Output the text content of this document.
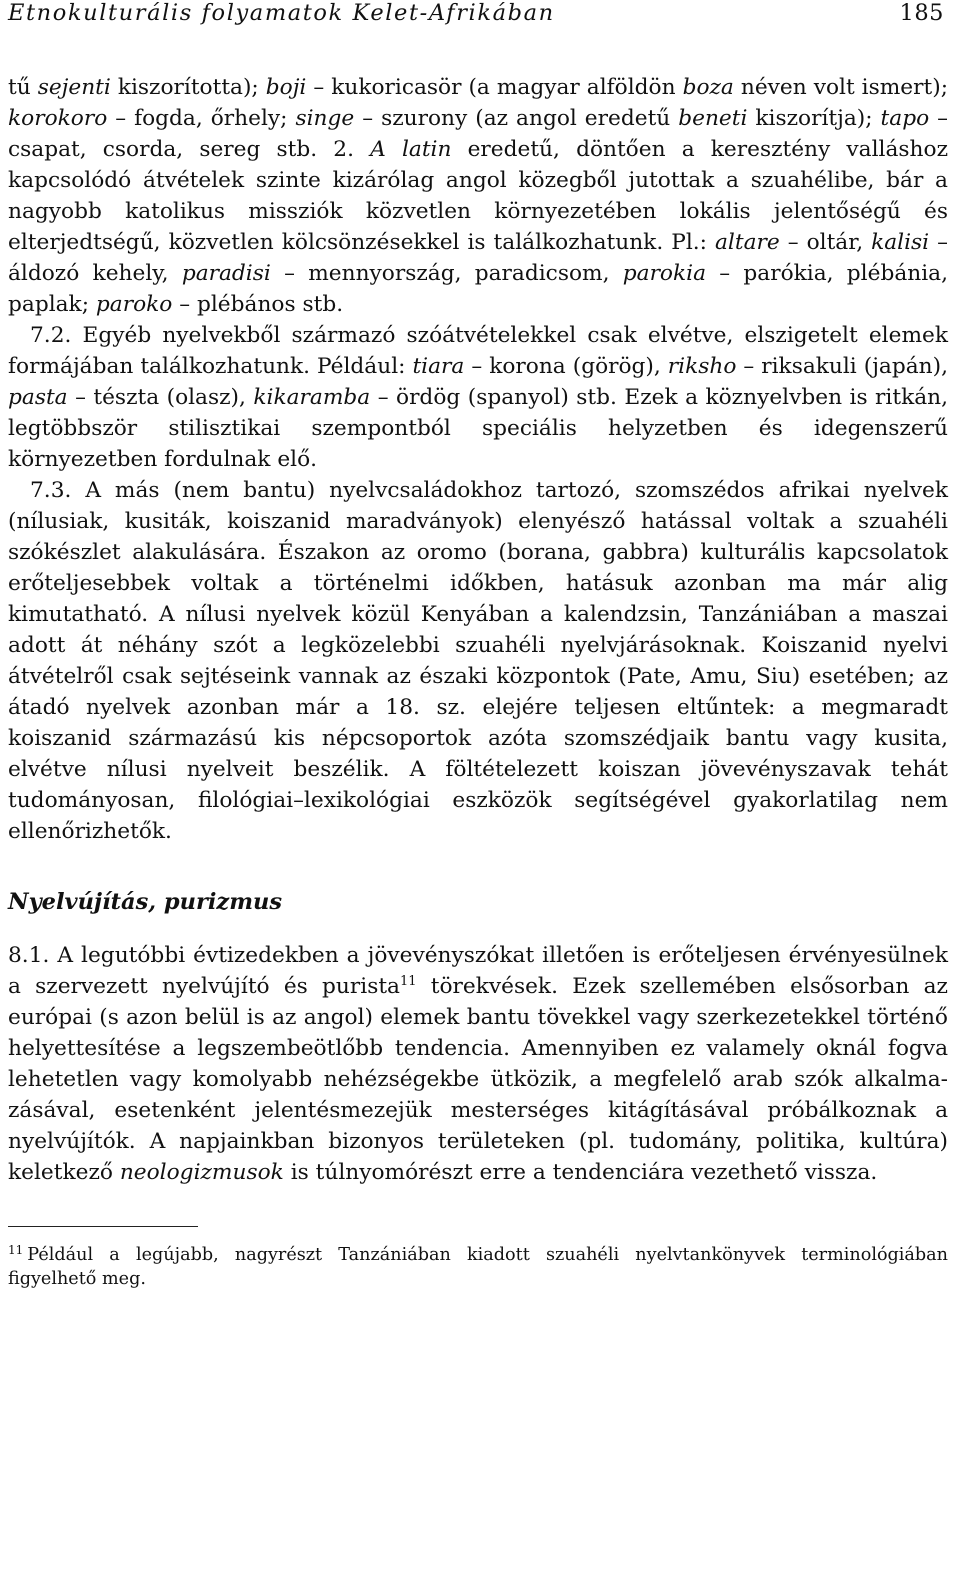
Etnokulturális folyamatok Kelet-Afrikában	185

tű sejenti kiszorította); boji – kukoricasör (a magyar alföldön boza néven volt ismert); korokoro – fogda, őrhely; singe – szurony (az angol eredetű beneti kiszorítja); tapo – csapat, csorda, sereg stb. 2. A latin eredetű, döntően a keresztény valláshoz kapcsolódó átvételek szinte kizárólag angol közegből jutottak a szuahélibe, bár a nagyobb katolikus missziók közvetlen környezetében lokális jelentőségű és elterjedtségű, közvetlen kölcsönzésekkel is találkozhatunk. Pl.: altare – oltár, kalisi – áldozó kehely, paradisi – mennyország, paradicsom, parokia – parókia, plébánia, paplak; paroko – plébános stb.

7.2. Egyéb nyelvekből származó szóátvételekkel csak elvétve, elszigetelt elemek formájában találkozhatunk. Például: tiara – korona (görög), riksho – riksakuli (japán), pasta – tészta (olasz), kikaramba – ördög (spanyol) stb. Ezek a köznyelvben is ritkán, legtöbbször stilisztikai szempontból speciális helyzetben és idegenszerű környezetben fordulnak elő.

7.3. A más (nem bantu) nyelvcsaládokhoz tartozó, szomszédos afrikai nyelvek (nílusiak, kusiták, koiszanid maradványok) elenyésző hatással voltak a szuahéli szókészlet alakulására. Északon az oromo (borana, gabbra) kulturális kapcsolatok erőteljesebbek voltak a történelmi időkben, hatásuk azonban ma már alig kimutatható. A nílusi nyelvek közül Kenyában a kalendzsin, Tanzániában a maszai adott át néhány szót a legközelebbi szuahéli nyelvjárásoknak. Koiszanid nyelvi átvételről csak sejtéseink vannak az északi központok (Pate, Amu, Siu) esetében; az átadó nyelvek azonban már a 18. sz. elejére teljesen eltűntek: a megmaradt koiszanid származású kis népcsoportok azóta szomszédjaik bantu vagy kusita, elvétve nílusi nyelveit beszélik. A föltételezett koiszan jövevényszavak tehát tudományosan, filológiai–lexikológiai eszközök segítségével gyakorlatilag nem ellenőrizhetők.

Nyelvújítás, purizmus

8.1. A legutóbbi évtizedekben a jövevényszókat illetően is erőteljesen érvényesülnek a szervezett nyelvújító és purista$^{11}$ törekvések. Ezek szellemében elsősorban az európai (s azon belül is az angol) elemek bantu tövekkel vagy szerkezetekkel történő helyettesítése a legszembeötlőbb tendencia. Amennyiben ez valamely oknál fogva lehetetlen vagy komolyabb nehézségekbe ütközik, a megfelelő arab szók alkalmazásával, esetenként jelentésmezejük mesterséges kitágításával próbálkoznak a nyelvújítók. A napjainkban bizonyos területeken (pl. tudomány, politika, kultúra) keletkező neologizmusok is túlnyomórészt erre a tendenciára vezethető vissza.

$^{11}$ Például a legújabb, nagyrészt Tanzániában kiadott szuahéli nyelvtankönyvek terminológiában figyelhető meg.
